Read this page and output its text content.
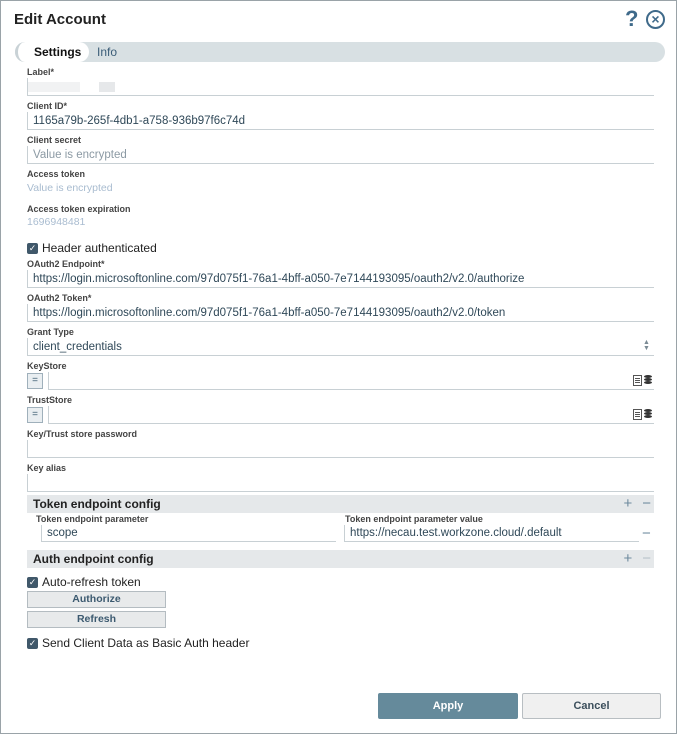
Edit Account	? ×
Settings	Info
Label*

Client ID*
1165a79b-265f-4db1-a758-936b97f6c74d
Client secret
Value is encrypted
Access token
Value is encrypted
Access token expiration
1696948481
✓ Header authenticated
OAuth2 Endpoint*
https://login.microsoftonline.com/97d075f1-76a1-4bff-a050-7e7144193095/oauth2/v2.0/authorize
OAuth2 Token*
https://login.microsoftonline.com/97d075f1-76a1-4bff-a050-7e7144193095/oauth2/v2.0/token
Grant Type
client_credentials	▲▼
KeyStore
=
TrustStore
=
Key/Trust store password
Key alias
Token endpoint config	+ −
Token endpoint parameter	Token endpoint parameter value
scope	https://necau.test.workzone.cloud/.default	−
Auth endpoint config	+ −
✓ Auto-refresh token
Authorize
Refresh
✓ Send Client Data as Basic Auth header
Apply	Cancel
